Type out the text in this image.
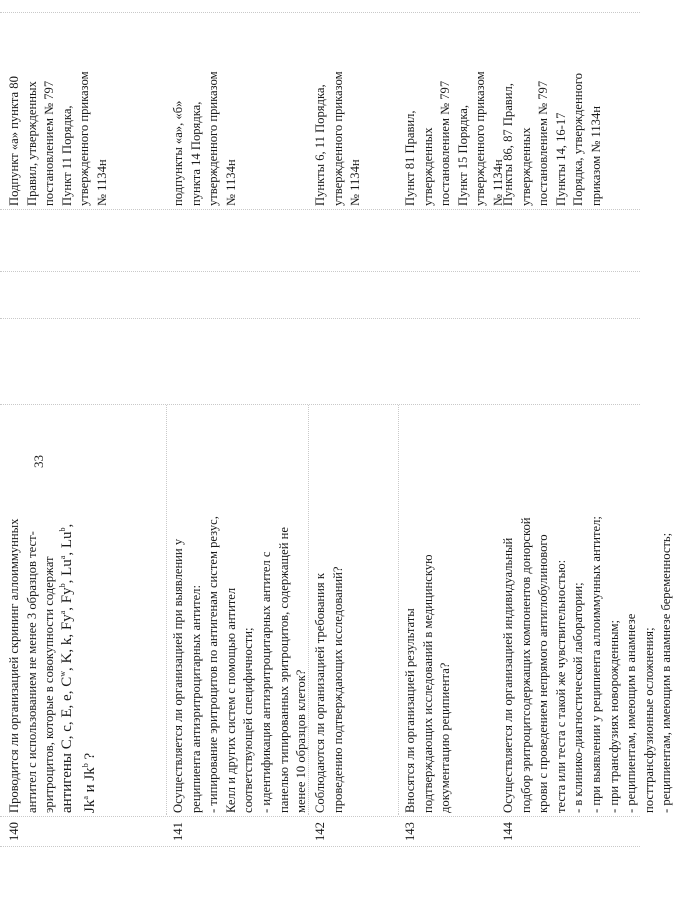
33
140
Проводится ли организацией скрининг аллоиммунных антител с использованием не менее 3 образцов тест- эритроцитов, которые в совокупности содержат антигены C, c, E, e, $C^w$, K, k, Fy$^a$, Fy$^b$, Lu$^a$, Lu$^b$,
Jk$^a$ и Jk$^b$ ?
Подпункт «а» пункта 80 Правил, утвержденных постановлением № 797 Пункт 11 Порядка, утвержденного приказом № 1134н
141
Осуществляется ли организацией при выявлении у реципиента антиэритроцитарных антител: - типирование эритроцитов по антигенам систем резус, Келл и других систем с помощью антител соответствующей специфичности; - идентификация антиэритроцитарных антител с панелью типированных эритроцитов, содержащей не менее 10 образцов клеток?
подпункты «а», «б» пункта 14 Порядка, утвержденного приказом № 1134н
142
Соблюдаются ли организацией требования к проведению подтверждающих исследований?
Пункты 6, 11 Порядка, утвержденного приказом № 1134н
143
Вносятся ли организацией результаты подтверждающих исследований в медицинскую документацию реципиента?
Пункт 81 Правил, утвержденных постановлением № 797 Пункт 15 Порядка, утвержденного приказом № 1134н
144
Осуществляется ли организацией индивидуальный подбор эритроцитсодержащих компонентов донорской крови с проведением непрямого антиглобулинового теста или теста с такой же чувствительностью: - в клинико-диагностической лаборатории; - при выявлении у реципиента аллоиммунных антител; - при трансфузиях новорожденным; - реципиентам, имеющим в анамнезе посттрансфузионные осложнения; - реципиентам, имеющим в анамнезе беременность;
Пункты 86, 87 Правил, утвержденных постановлением № 797 Пункты 14, 16-17 Порядка, утвержденного приказом № 1134н
